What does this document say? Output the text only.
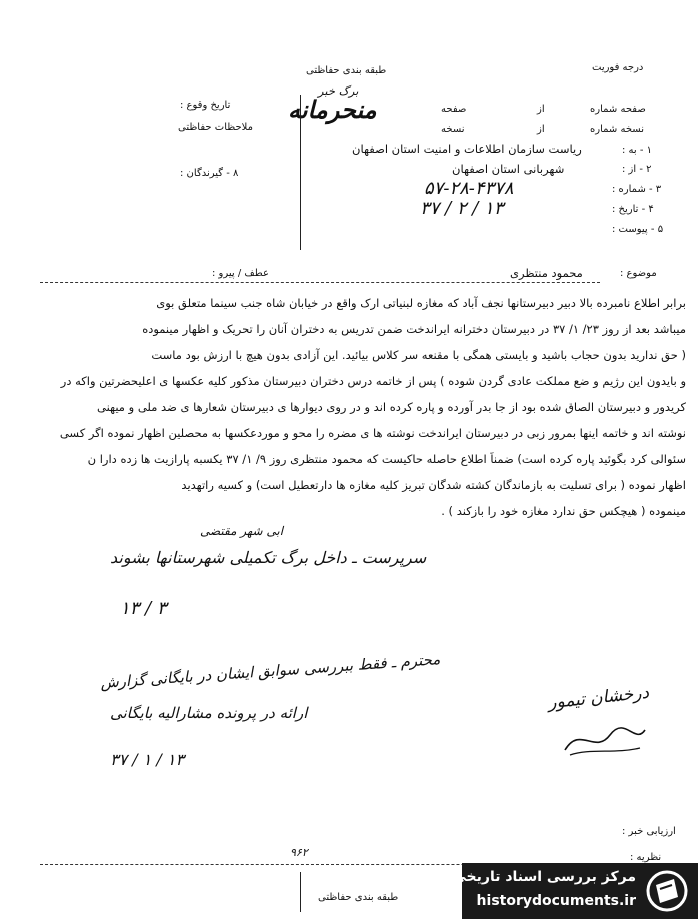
درجه فوریت
طبقه بندی حفاظتی
برگ خبر
منحرمانه	صفحه شماره
از
صفحه
نسخه شماره
از
نسخه
تاریخ وقوع :
ملاحظات حفاظتی
۸ - گیرندگان :
۱ - به :
ریاست سازمان اطلاعات و امنیت استان اصفهان
۲ - از :
شهربانی استان اصفهان
۳ - شماره :
۵۷-۲۸-۴۳۷۸
۴ - تاریخ :
۱۳ / ۲ / ۳۷
۵ - پیوست :
موضوع :
محمود منتظری
عطف / پیرو :
برابر اطلاع نامبرده بالا دبیر دبیرستانها نجف آباد که مغازه لبنیاتی ارک واقع در خیابان شاه جنب سینما متعلق بوی
میباشد بعد از روز ۲۳/ ۱/ ۳۷ در دبیرستان دخترانه ایراندخت ضمن تدریس به دختران آنان را تحریک و اظهار مینموده
( حق ندارید بدون حجاب باشید و بایستی همگی با مقنعه سر کلاس بیائید. این آزادی بدون هیچ با ارزش بود ماست
و بایدون این رژیم و ضع مملکت عادی گردن شوده ) پس از خاتمه درس دختران دبیرستان مذکور کلیه عکسها ی اعلیحضرتین واکه در
کریدور و دبیرستان الصاق شده بود از جا بدر آورده و پاره کرده اند و در روی دیوارها ی دبیرستان شعارها ی ضد ملی و میهنی
نوشته اند و خاتمه اینها بمرور زبی در دبیرستان ایراندخت نوشته ها ی مضره را محو و موردعکسها به محصلین اظهار نموده اگر کسی
سئوالی کرد بگوئید پاره کرده است) ضمناً اطلاع حاصله حاکیست که محمود منتظری روز ۹/ ۱/ ۳۷ یکسبه پارازیت ها زده دارا ن
اظهار نموده ( برای تسلیت به بازماندگان کشته شدگان تبریز کلیه مغازه ها دارتعطیل است) و کسیه راتهدید
مینموده ( هیچکس حق ندارد مغازه خود را بازکند ) .
ابی شهر مقتضی
سرپرست ـ داخل برگ تکمیلی شهرستانها بشوند
۳ / ۱۳
محترم ـ فقط ببررسی سوابق ایشان در بایگانی گزارش
ارائه در پرونده مشارالیه بایگانی
۱۳ / ۱ / ۳۷
درخشان تیمور
ارزیابی خبر :
نظریه :
۹۶۲
طبقه بندی حفاظتی
مرکز بررسی اسناد تاریخی
historydocuments.ir
